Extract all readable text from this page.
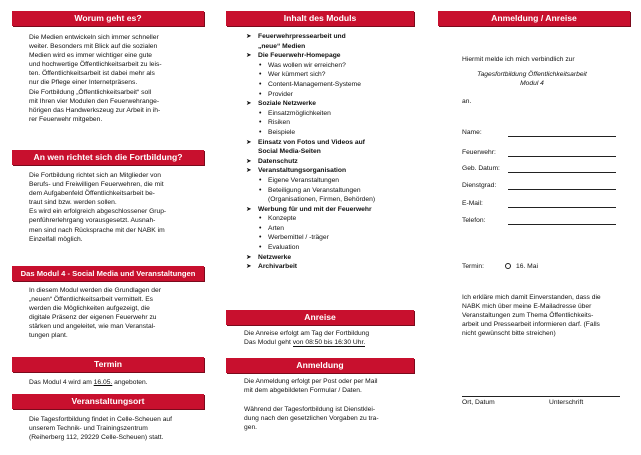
Worum geht es?

Die Medien entwickeln sich immer schneller

weiter. Besonders mit Blick auf die sozialen

Medien wird es immer wichtiger eine gute

und hochwertige Öffentlichkeitsarbeit zu leis-

ten. Öffentlichkeitsarbeit ist dabei mehr als

nur die Pflege einer Internetpräsens.

Die Fortbildung „Öffentlichkeitsarbeit“ soll

mit Ihren vier Modulen den Feuerwehrange-

hörigen das Handwerkszeug zur Arbeit in ih-

rer Feuerwehr mitgeben.

An wen richtet sich die Fortbildung?

Die Fortbildung richtet sich an Mitglieder von

Berufs- und Freiwilligen Feuerwehren, die mit

dem Aufgabenfeld Öffentlichkeitsarbeit be-

traut sind bzw. werden sollen.

Es wird ein erfolgreich abgeschlossener Grup-

penführerlehrgang vorausgesetzt. Ausnah-

men sind nach Rücksprache mit der NABK im

Einzelfall möglich.

Das Modul 4 - Social Media und Veranstaltungen

In diesem Modul werden die Grundlagen der

„neuen“ Öffentlichkeitsarbeit vermittelt. Es

werden die Möglichkeiten aufgezeigt, die

digitale Präsenz der eigenen Feuerwehr zu

stärken und angeleitet, wie man Veranstal-

tungen plant.

Termin
Das Modul 4 wird am 16.05. angeboten.
Veranstaltungsort

Die Tagesfortbildung findet in Celle-Scheuen auf

unserem Technik- und Trainingszentrum

(Reiherberg 112, 29229 Celle-Scheuen) statt.

Inhalt des Moduls
➤ Feuerwehrpressearbeit und
„neue“ Medien
➤ Die Feuerwehr-Homepage
• Was wollen wir erreichen?
• Wer kümmert sich?
• Content-Management-Systeme
• Provider
➤ Soziale Netzwerke
• Einsatzmöglichkeiten
• Risiken
• Beispiele
➤ Einsatz von Fotos und Videos auf
Social Media-Seiten
➤ Datenschutz
➤ Veranstaltungsorganisation
• Eigene Veranstaltungen
• Beteiligung an Veranstaltungen
(Organisationen, Firmen, Behörden)
➤ Werbung für und mit der Feuerwehr
• Konzepte
• Arten
• Werbemittel / -träger
• Evaluation
➤ Netzwerke
➤ Archivarbeit
Anreise

Die Anreise erfolgt am Tag der Fortbildung

Das Modul geht von 08:50 bis 16:30 Uhr.

Anmeldung

Die Anmeldung erfolgt per Post oder per Mail

mit dem abgebildeten Formular / Daten.

Während der Tagesfortbildung ist Dienstklei-

dung nach den gesetzlichen Vorgaben zu tra-

gen.

Anmeldung / Anreise
Hiermit melde ich mich verbindlich zur

Tagesfortbildung Öffentlichkeitsarbeit

Modul 4

an.
Name:
Feuerwehr:
Geb. Datum:
Dienstgrad:
E-Mail:
Telefon:
Termin:	16. Mai

Ich erkläre mich damit Einverstanden, dass die

NABK mich über meine E-Mailadresse über

Veranstaltungen zum Thema Öffentlichkeits-

arbeit und Pressearbeit informieren darf. (Falls

nicht gewünscht bitte streichen)

Ort, Datum	Unterschrift
